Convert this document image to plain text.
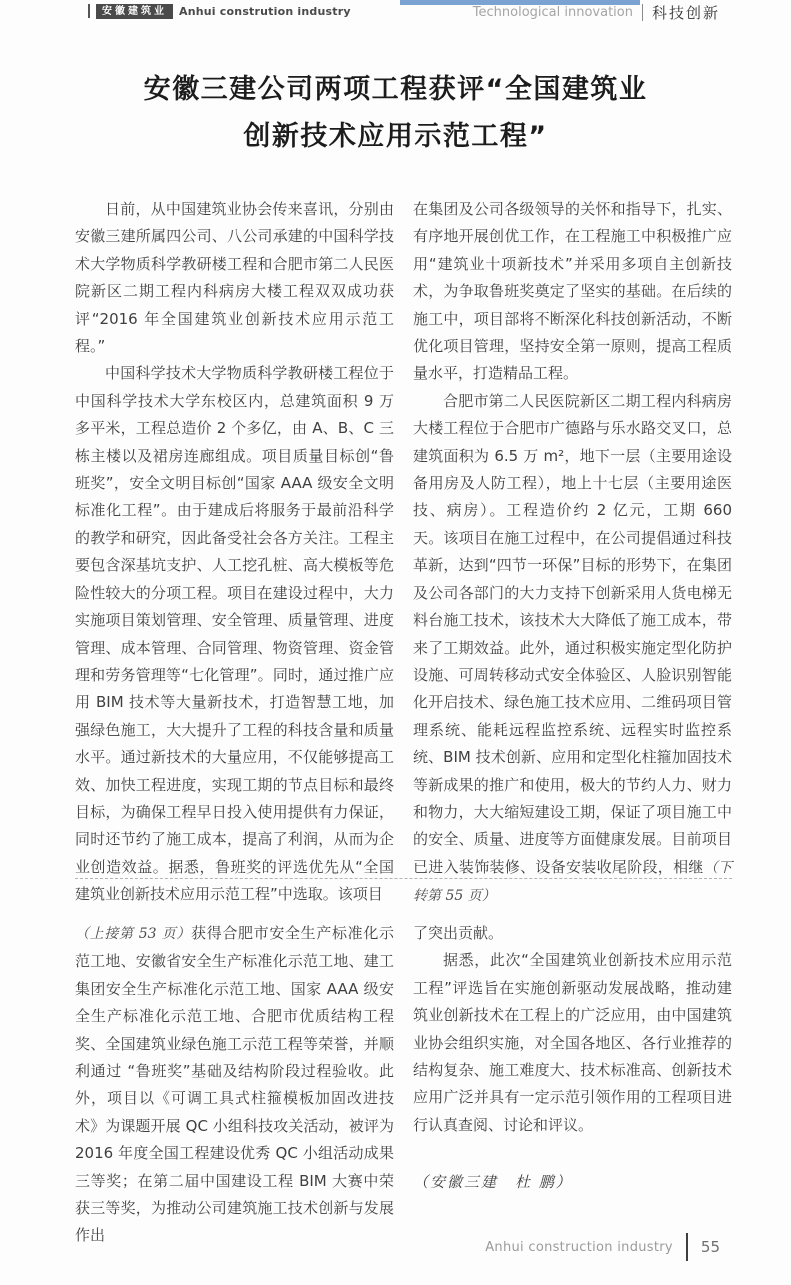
安徽建筑业	Anhui constrution industry	Technological innovation 科技创新
安徽三建公司两项工程获评“全国建筑业
创新技术应用示范工程”

日前，从中国建筑业协会传来喜讯，分别由安徽三建所属四公司、八公司承建的中国科学技术大学物质科学教研楼工程和合肥市第二人民医院新区二期工程内科病房大楼工程双双成功获评“2016 年全国建筑业创新技术应用示范工程。”

中国科学技术大学物质科学教研楼工程位于中国科学技术大学东校区内，总建筑面积 9 万多平米，工程总造价 2 个多亿，由 A、B、C 三栋主楼以及裙房连廊组成。项目质量目标创“鲁班奖”，安全文明目标创“国家 AAA 级安全文明标准化工程”。由于建成后将服务于最前沿科学的教学和研究，因此备受社会各方关注。工程主要包含深基坑支护、人工挖孔桩、高大模板等危险性较大的分项工程。项目在建设过程中，大力实施项目策划管理、安全管理、质量管理、进度管理、成本管理、合同管理、物资管理、资金管理和劳务管理等“七化管理”。同时，通过推广应用 BIM 技术等大量新技术，打造智慧工地，加强绿色施工，大大提升了工程的科技含量和质量水平。通过新技术的大量应用，不仅能够提高工效、加快工程进度，实现工期的节点目标和最终目标，为确保工程早日投入使用提供有力保证，同时还节约了施工成本，提高了利润，从而为企业创造效益。据悉，鲁班奖的评选优先从“全国建筑业创新技术应用示范工程”中选取。该项目

在集团及公司各级领导的关怀和指导下，扎实、有序地开展创优工作，在工程施工中积极推广应用“建筑业十项新技术”并采用多项自主创新技术，为争取鲁班奖奠定了坚实的基础。在后续的施工中，项目部将不断深化科技创新活动，不断优化项目管理，坚持安全第一原则，提高工程质量水平，打造精品工程。

合肥市第二人民医院新区二期工程内科病房大楼工程位于合肥市广德路与乐水路交叉口，总建筑面积为 6.5 万 m²，地下一层（主要用途设备用房及人防工程），地上十七层（主要用途医技、病房）。工程造价约 2 亿元，工期 660 天。该项目在施工过程中，在公司提倡通过科技革新，达到“四节一环保”目标的形势下，在集团及公司各部门的大力支持下创新采用人货电梯无料台施工技术，该技术大大降低了施工成本，带来了工期效益。此外，通过积极实施定型化防护设施、可周转移动式安全体验区、人脸识别智能化开启技术、绿色施工技术应用、二维码项目管理系统、能耗远程监控系统、远程实时监控系统、BIM 技术创新、应用和定型化柱箍加固技术等新成果的推广和使用，极大的节约人力、财力和物力，大大缩短建设工期，保证了项目施工中的安全、质量、进度等方面健康发展。目前项目已进入装饰装修、设备安装收尾阶段，相继（下转第 55 页）

（上接第 53 页）获得合肥市安全生产标准化示范工地、安徽省安全生产标准化示范工地、建工集团安全生产标准化示范工地、国家 AAA 级安全生产标准化示范工地、合肥市优质结构工程奖、全国建筑业绿色施工示范工程等荣誉，并顺利通过 “鲁班奖”基础及结构阶段过程验收。此外，项目以《可调工具式柱箍模板加固改进技术》为课题开展 QC 小组科技攻关活动，被评为 2016 年度全国工程建设优秀 QC 小组活动成果三等奖；在第二届中国建设工程 BIM 大赛中荣获三等奖，为推动公司建筑施工技术创新与发展作出

了突出贡献。

据悉，此次“全国建筑业创新技术应用示范工程”评选旨在实施创新驱动发展战略，推动建筑业创新技术在工程上的广泛应用，由中国建筑业协会组织实施，对全国各地区、各行业推荐的结构复杂、施工难度大、技术标准高、创新技术应用广泛并具有一定示范引领作用的工程项目进行认真查阅、讨论和评议。

（安徽三建　杜 鹏）

Anhui construction industry 55
